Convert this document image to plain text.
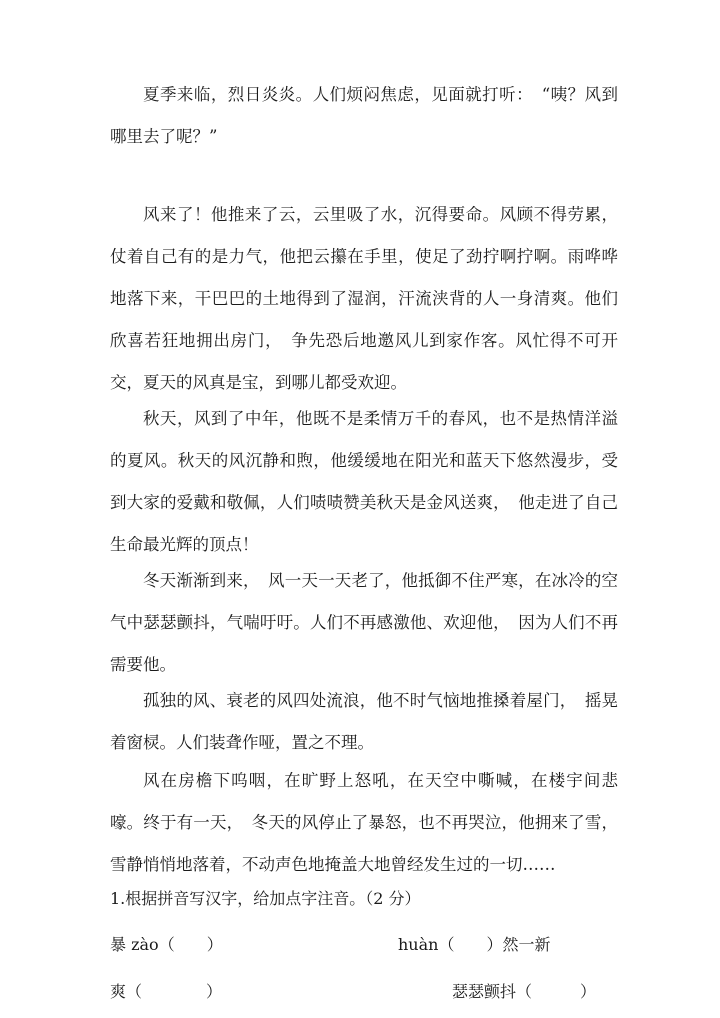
夏季来临，烈日炎炎。人们烦闷焦虑，见面就打听：　“咦？风到哪里去了呢？”

风来了！他推来了云，云里吸了水，沉得要命。风顾不得劳累，仗着自己有的是力气，他把云攥在手里，使足了劲拧啊拧啊。雨哗哗地落下来，干巴巴的土地得到了湿润，汗流浃背的人一身清爽。他们欣喜若狂地拥出房门，　争先恐后地邀风儿到家作客。风忙得不可开交，夏天的风真是宝，到哪儿都受欢迎。

秋天，风到了中年，他既不是柔情万千的春风，也不是热情洋溢的夏风。秋天的风沉静和煦，他缓缓地在阳光和蓝天下悠然漫步，受到大家的爱戴和敬佩，人们啧啧赞美秋天是金风送爽，　他走进了自己生命最光辉的顶点！

冬天渐渐到来，　风一天一天老了，他抵御不住严寒，在冰冷的空气中瑟瑟颤抖，气喘吁吁。人们不再感激他、欢迎他，　因为人们不再需要他。

孤独的风、衰老的风四处流浪，他不时气恼地推搡着屋门，　摇晃着窗棂。人们装聋作哑，置之不理。

风在房檐下呜咽，在旷野上怒吼，在天空中嘶喊，在楼宇间悲嚎。终于有一天，　冬天的风停止了暴怒，也不再哭泣，他拥来了雪，雪静悄悄地落着，不动声色地掩盖大地曾经发生过的一切……

1.根据拼音写汉字，给加点字注音。（2 分）

暴 zào（　　）	huàn（　　）然一新
爽（　　　　）	瑟瑟颤抖（　　　）
